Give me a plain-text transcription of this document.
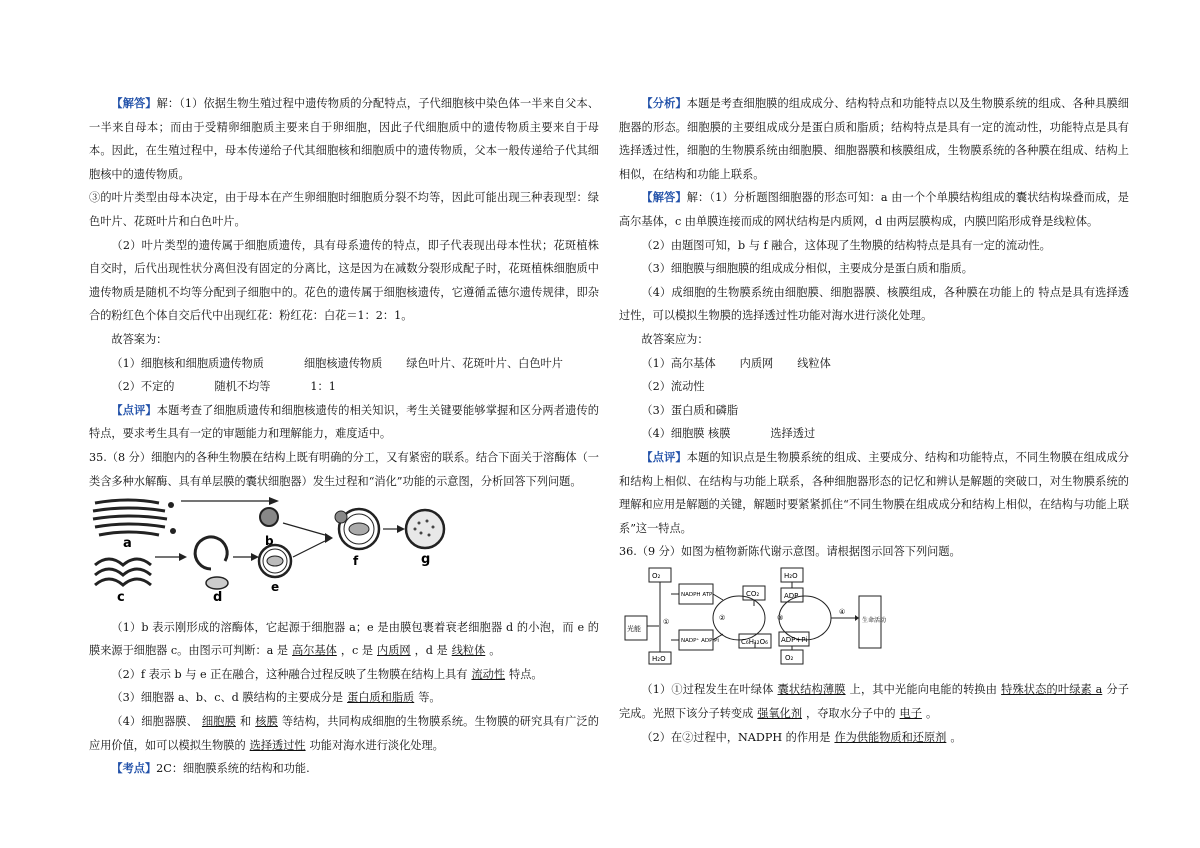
【解答】解：（1）依据生物生殖过程中遗传物质的分配特点，子代细胞核中染色体一半来自父本、一半来自母本；而由于受精卵细胞质主要来自于卵细胞，因此子代细胞质中的遗传物质主要来自于母本。因此，在生殖过程中，母本传递给子代其细胞核和细胞质中的遗传物质，父本一般传递给子代其细胞核中的遗传物质。

③的叶片类型由母本决定，由于母本在产生卵细胞时细胞质分裂不均等，因此可能出现三种表现型：绿色叶片、花斑叶片和白色叶片。

（2）叶片类型的遗传属于细胞质遗传，具有母系遗传的特点，即子代表现出母本性状；花斑植株自交时，后代出现性状分离但没有固定的分离比，这是因为在减数分裂形成配子时，花斑植株细胞质中遗传物质是随机不均等分配到子细胞中的。花色的遗传属于细胞核遗传，它遵循孟德尔遗传规律，即杂合的粉红色个体自交后代中出现红花：粉红花：白花＝1：2：1。

故答案为：

（1）细胞核和细胞质遗传物质	细胞核遗传物质 绿色叶片、花斑叶片、白色叶片

（2）不定的	随机不均等	1：1

【点评】本题考查了细胞质遗传和细胞核遗传的相关知识，考生关键要能够掌握和区分两者遗传的特点，要求考生具有一定的审题能力和理解能力，难度适中。

35.（8 分）细胞内的各种生物膜在结构上既有明确的分工，又有紧密的联系。结合下面关于溶酶体（一类含多种水解酶、具有单层膜的囊状细胞器）发生过程和“消化”功能的示意图，分析回答下列问题。

a	b
c	d
e
f	g

（1）b 表示刚形成的溶酶体，它起源于细胞器 a；e 是由膜包裹着衰老细胞器 d 的小泡，而 e 的膜来源于细胞器 c。由图示可判断：a 是 高尔基体 ，c 是 内质网 ，d 是 线粒体 。

（2）f 表示 b 与 e 正在融合，这种融合过程反映了生物膜在结构上具有 流动性 特点。

（3）细胞器 a、b、c、d 膜结构的主要成分是 蛋白质和脂质 等。

（4）细胞器膜、 细胞膜 和 核膜 等结构，共同构成细胞的生物膜系统。生物膜的研究具有广泛的应用价值，如可以模拟生物膜的 选择透过性 功能对海水进行淡化处理。

【考点】2C：细胞膜系统的结构和功能.

【分析】本题是考查细胞膜的组成成分、结构特点和功能特点以及生物膜系统的组成、各种具膜细胞器的形态。细胞膜的主要组成成分是蛋白质和脂质；结构特点是具有一定的流动性，功能特点是具有选择透过性，细胞的生物膜系统由细胞膜、细胞器膜和核膜组成，生物膜系统的各种膜在组成、结构上相似，在结构和功能上联系。

【解答】解：（1）分析题图细胞器的形态可知：a 由一个个单膜结构组成的囊状结构垛叠而成，是高尔基体，c 由单膜连接而成的网状结构是内质网，d 由两层膜构成，内膜凹陷形成脊是线粒体。

（2）由题图可知，b 与 f 融合，这体现了生物膜的结构特点是具有一定的流动性。

（3）细胞膜与细胞膜的组成成分相似，主要成分是蛋白质和脂质。

（4）成细胞的生物膜系统由细胞膜、细胞器膜、核膜组成，各种膜在功能上的 特点是具有选择透过性，可以模拟生物膜的选择透过性功能对海水进行淡化处理。

故答案应为：

（1）高尔基体 内质网 线粒体

（2）流动性

（3）蛋白质和磷脂

（4）细胞膜 核膜	选择透过

【点评】本题的知识点是生物膜系统的组成、主要成分、结构和功能特点，不同生物膜在组成成分和结构上相似、在结构与功能上联系，各种细胞器形态的记忆和辨认是解题的突破口，对生物膜系统的理解和应用是解题的关键，解题时要紧紧抓住“不同生物膜在组成成分和结构上相似，在结构与功能上联系”这一特点。

36.（9 分）如图为植物新陈代谢示意图。请根据图示回答下列问题。

O₂	H₂O
NADPH ATP	CO₂	ADP
光能
①	②	③
④
NADP⁺ ADP·Pi	C₆H₁₂O₆ ADP+Pi
生命活动
H₂O	O₂

（1）①过程发生在叶绿体 囊状结构薄膜 上，其中光能向电能的转换由 特殊状态的叶绿素 a 分子完成。光照下该分子转变成 强氧化剂 ，夺取水分子中的 电子 。

（2）在②过程中，NADPH 的作用是 作为供能物质和还原剂 。
